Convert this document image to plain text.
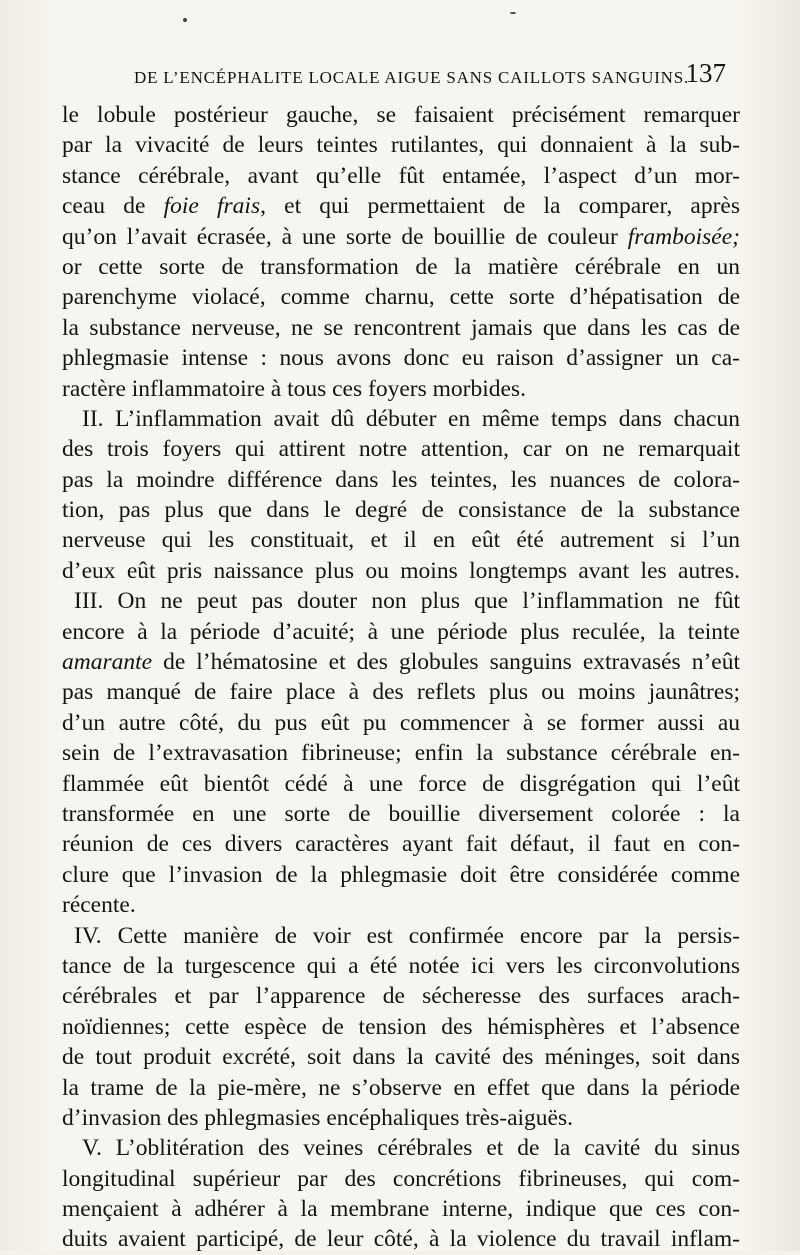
DE L’ENCÉPHALITE LOCALE AIGUE SANS CAILLOTS SANGUINS.
137
le lobule postérieur gauche, se faisaient précisément remarquer
par la vivacité de leurs teintes rutilantes, qui donnaient à la sub-
stance cérébrale, avant qu’elle fût entamée, l’aspect d’un mor-
ceau de foie frais, et qui permettaient de la comparer, après
qu’on l’avait écrasée, à une sorte de bouillie de couleur framboisée;
or cette sorte de transformation de la matière cérébrale en un
parenchyme violacé, comme charnu, cette sorte d’hépatisation de
la substance nerveuse, ne se rencontrent jamais que dans les cas de
phlegmasie intense : nous avons donc eu raison d’assigner un ca-
ractère inflammatoire à tous ces foyers morbides.
II. L’inflammation avait dû débuter en même temps dans chacun
des trois foyers qui attirent notre attention, car on ne remarquait
pas la moindre différence dans les teintes, les nuances de colora-
tion, pas plus que dans le degré de consistance de la substance
nerveuse qui les constituait, et il en eût été autrement si l’un
d’eux eût pris naissance plus ou moins longtemps avant les autres.
III. On ne peut pas douter non plus que l’inflammation ne fût
encore à la période d’acuité; à une période plus reculée, la teinte
amarante de l’hématosine et des globules sanguins extravasés n’eût
pas manqué de faire place à des reflets plus ou moins jaunâtres;
d’un autre côté, du pus eût pu commencer à se former aussi au
sein de l’extravasation fibrineuse; enfin la substance cérébrale en-
flammée eût bientôt cédé à une force de disgrégation qui l’eût
transformée en une sorte de bouillie diversement colorée : la
réunion de ces divers caractères ayant fait défaut, il faut en con-
clure que l’invasion de la phlegmasie doit être considérée comme
récente.
IV. Cette manière de voir est confirmée encore par la persis-
tance de la turgescence qui a été notée ici vers les circonvolutions
cérébrales et par l’apparence de sécheresse des surfaces arach-
noïdiennes; cette espèce de tension des hémisphères et l’absence
de tout produit excrété, soit dans la cavité des méninges, soit dans
la trame de la pie-mère, ne s’observe en effet que dans la période
d’invasion des phlegmasies encéphaliques très-aiguës.
V. L’oblitération des veines cérébrales et de la cavité du sinus
longitudinal supérieur par des concrétions fibrineuses, qui com-
mençaient à adhérer à la membrane interne, indique que ces con-
duits avaient participé, de leur côté, à la violence du travail inflam-
